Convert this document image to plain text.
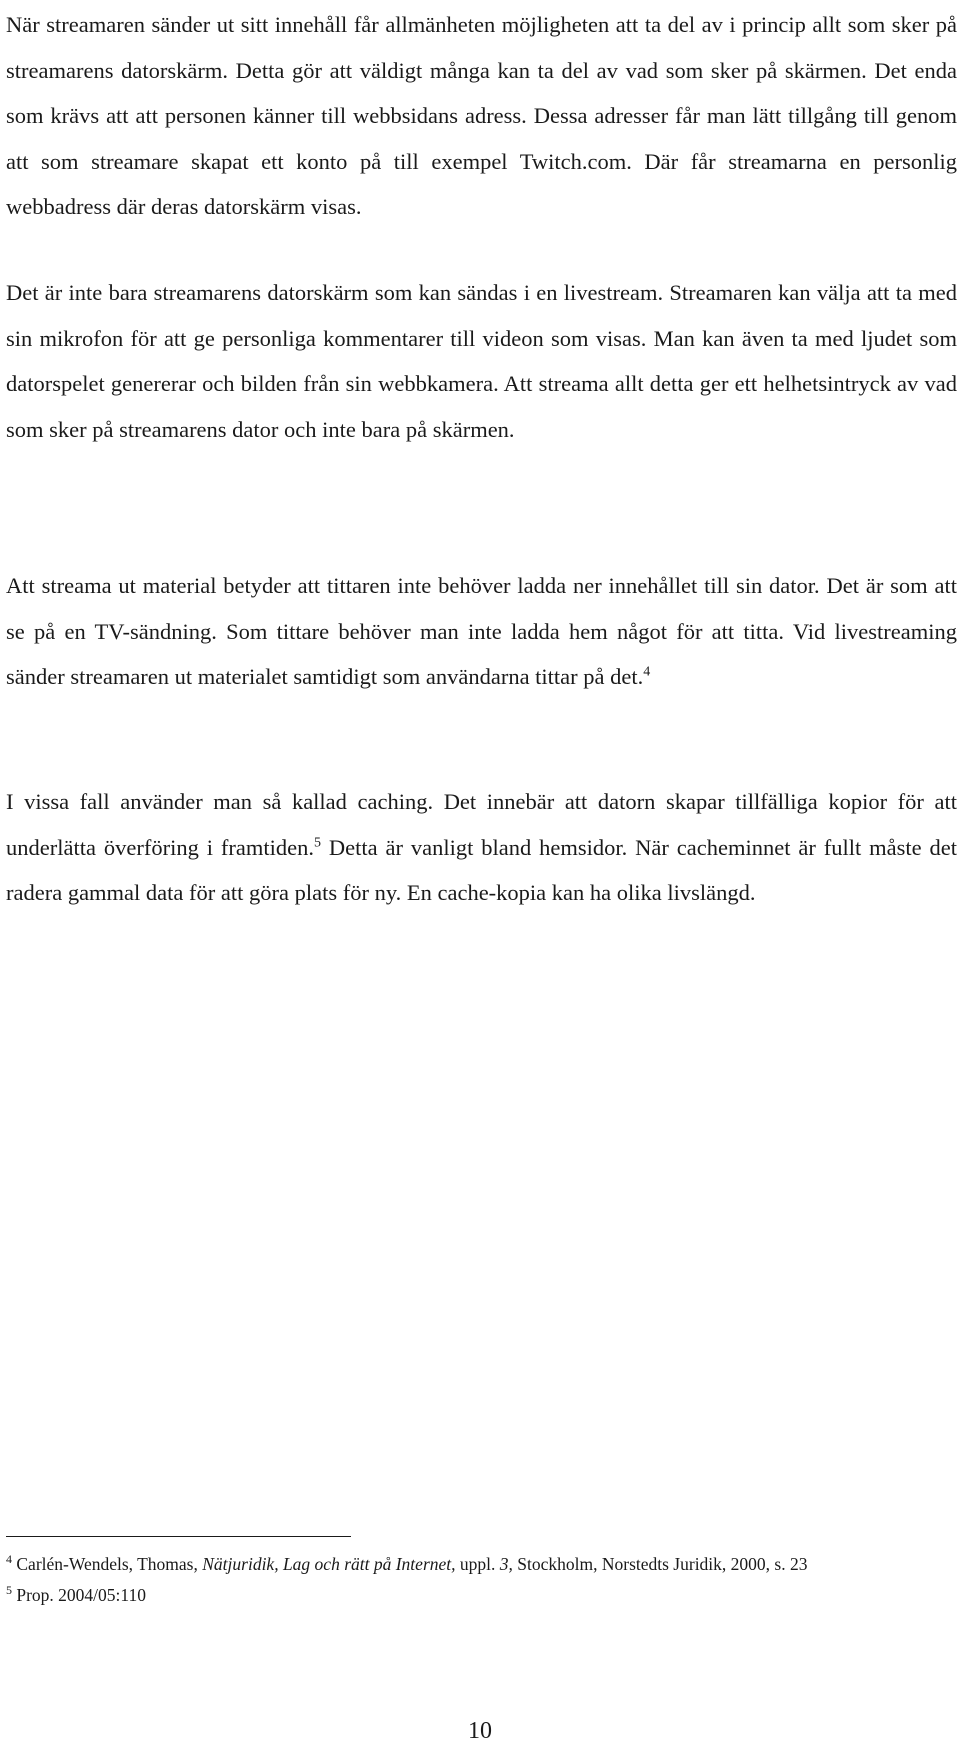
När streamaren sänder ut sitt innehåll får allmänheten möjligheten att ta del av i princip allt som sker på streamarens datorskärm. Detta gör att väldigt många kan ta del av vad som sker på skärmen. Det enda som krävs att att personen känner till webbsidans adress. Dessa adresser får man lätt tillgång till genom att som streamare skapat ett konto på till exempel Twitch.com. Där får streamarna en personlig webbadress där deras datorskärm visas.

Det är inte bara streamarens datorskärm som kan sändas i en livestream. Streamaren kan välja att ta med sin mikrofon för att ge personliga kommentarer till videon som visas. Man kan även ta med ljudet som datorspelet genererar och bilden från sin webbkamera. Att streama allt detta ger ett helhetsintryck av vad som sker på streamarens dator och inte bara på skärmen.

Att streama ut material betyder att tittaren inte behöver ladda ner innehållet till sin dator. Det är som att se på en TV-sändning. Som tittare behöver man inte ladda hem något för att titta. Vid livestreaming sänder streamaren ut materialet samtidigt som användarna tittar på det.$^4$

I vissa fall använder man så kallad caching. Det innebär att datorn skapar tillfälliga kopior för att underlätta överföring i framtiden.$^5$ Detta är vanligt bland hemsidor. När cacheminnet är fullt måste det radera gammal data för att göra plats för ny. En cache-kopia kan ha olika livslängd.

$^4$ Carlén-Wendels, Thomas, Nätjuridik, Lag och rätt på Internet, uppl. 3, Stockholm, Norstedts Juridik, 2000, s. 23

$^5$ Prop. 2004/05:110

10
